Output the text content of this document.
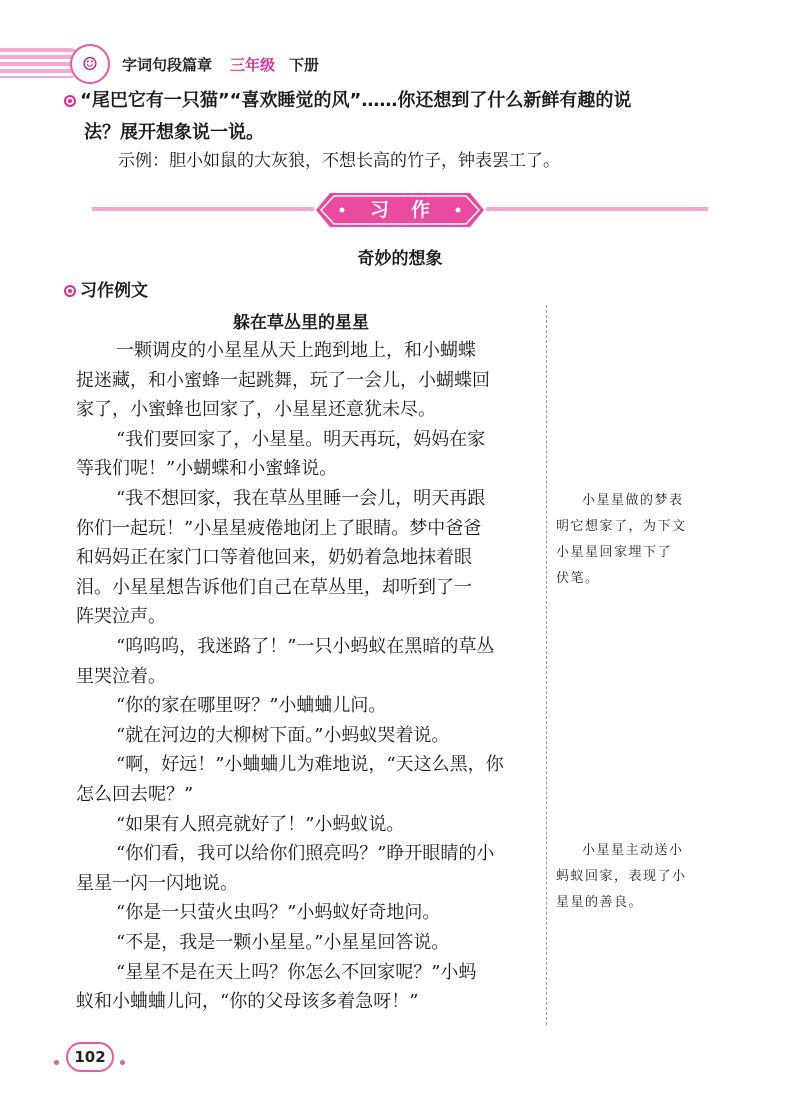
☺	字词句段篇章 三年级 下册
“尾巴它有一只猫”“喜欢睡觉的风”……你还想到了什么新鲜有趣的说
法？展开想象说一说。
示例：胆小如鼠的大灰狼，不想长高的竹子，钟表罢工了。
习作
奇妙的想象
习作例文
躲在草丛里的星星
一颗调皮的小星星从天上跑到地上，和小蝴蝶
捉迷藏，和小蜜蜂一起跳舞，玩了一会儿，小蝴蝶回
家了，小蜜蜂也回家了，小星星还意犹未尽。
“我们要回家了，小星星。明天再玩，妈妈在家
等我们呢！”小蝴蝶和小蜜蜂说。
“我不想回家，我在草丛里睡一会儿，明天再跟
你们一起玩！”小星星疲倦地闭上了眼睛。梦中爸爸
和妈妈正在家门口等着他回来，奶奶着急地抹着眼
泪。小星星想告诉他们自己在草丛里，却听到了一
阵哭泣声。
“呜呜呜，我迷路了！”一只小蚂蚁在黑暗的草丛
里哭泣着。
“你的家在哪里呀？”小蛐蛐儿问。
“就在河边的大柳树下面。”小蚂蚁哭着说。
“啊，好远！”小蛐蛐儿为难地说，“天这么黑，你
怎么回去呢？”
“如果有人照亮就好了！”小蚂蚁说。
“你们看，我可以给你们照亮吗？”睁开眼睛的小
星星一闪一闪地说。
“你是一只萤火虫吗？”小蚂蚁好奇地问。
“不是，我是一颗小星星。”小星星回答说。
“星星不是在天上吗？你怎么不回家呢？”小蚂
蚁和小蛐蛐儿问，“你的父母该多着急呀！”
小星星做的梦表
明它想家了，为下文
小星星回家埋下了
伏笔。
小星星主动送小
蚂蚁回家，表现了小
星星的善良。
102
